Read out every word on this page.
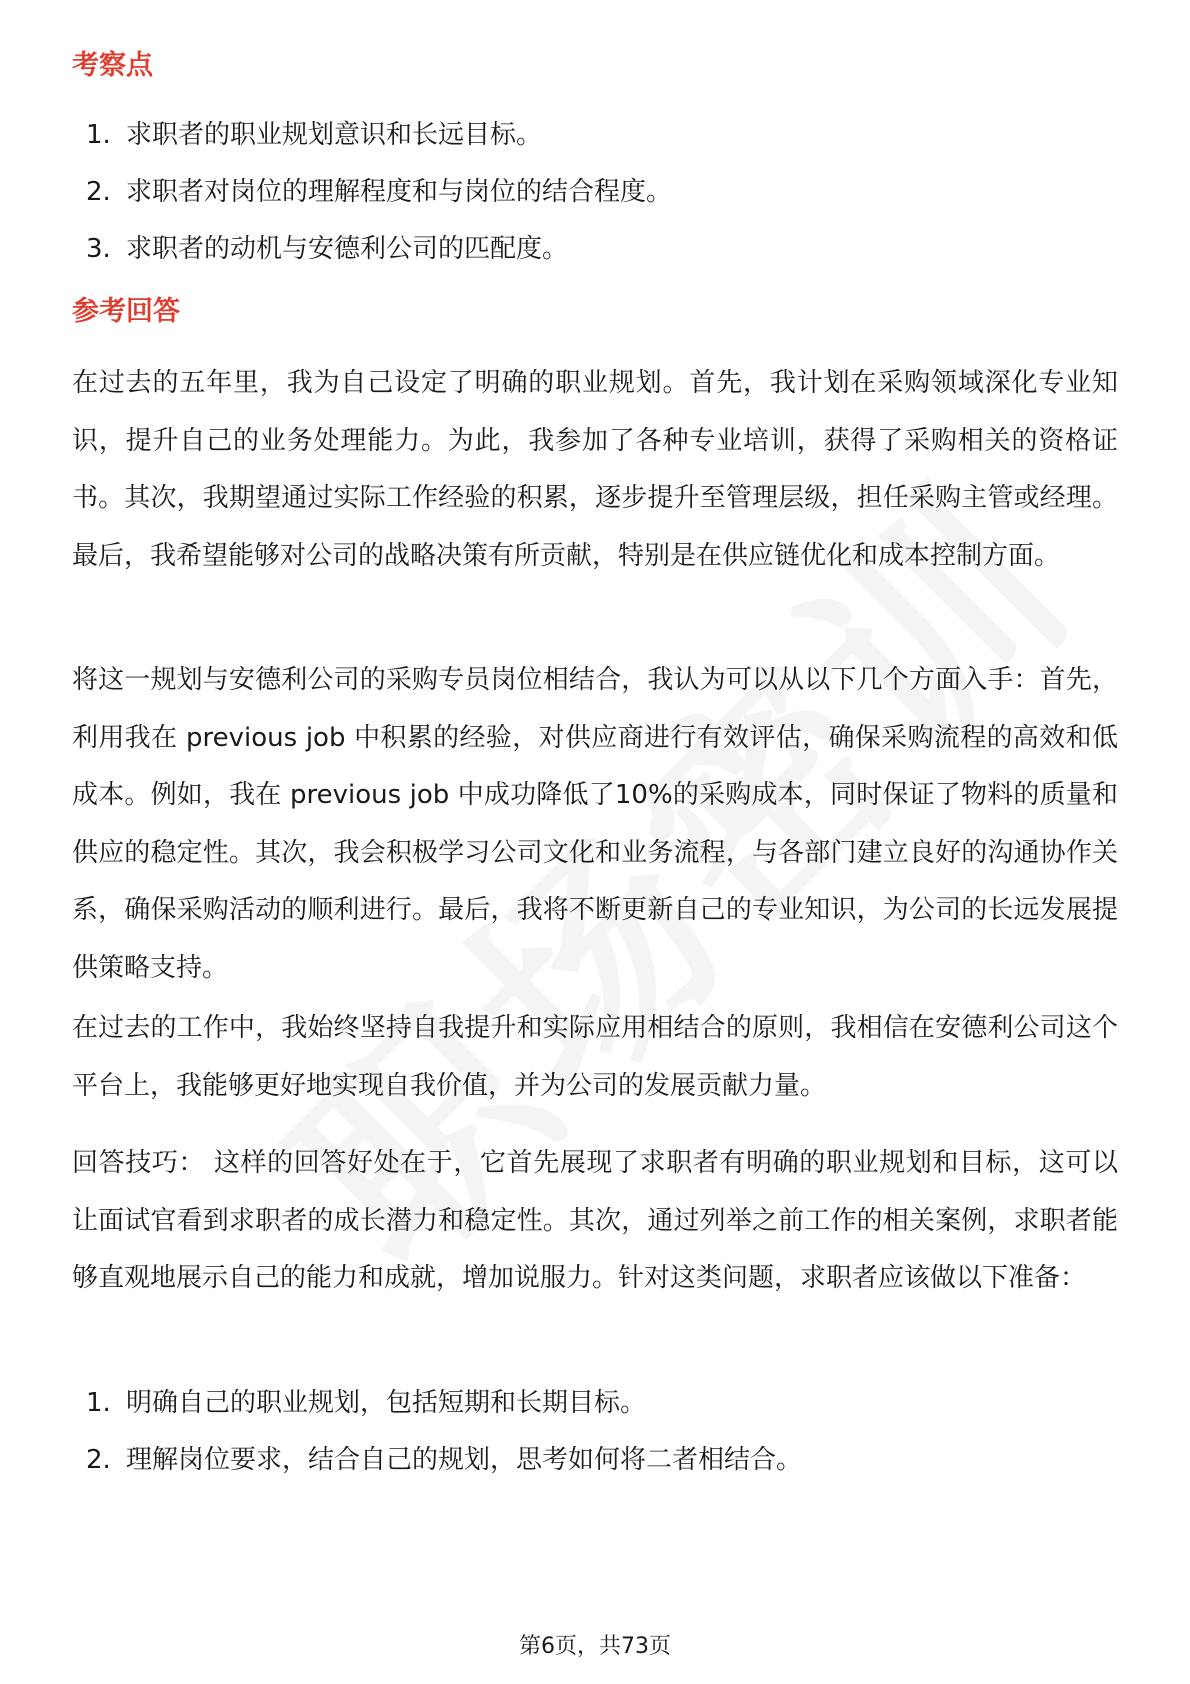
考察点
1. 求职者的职业规划意识和长远目标。
2. 求职者对岗位的理解程度和与岗位的结合程度。
3. 求职者的动机与安德利公司的匹配度。
参考回答

在过去的五年里，我为自己设定了明确的职业规划。首先，我计划在采购领域深化专业知识，提升自己的业务处理能力。为此，我参加了各种专业培训，获得了采购相关的资格证书。其次，我期望通过实际工作经验的积累，逐步提升至管理层级，担任采购主管或经理。最后，我希望能够对公司的战略决策有所贡献，特别是在供应链优化和成本控制方面。

将这一规划与安德利公司的采购专员岗位相结合，我认为可以从以下几个方面入手：首先，利用我在 previous job 中积累的经验，对供应商进行有效评估，确保采购流程的高效和低成本。例如，我在 previous job 中成功降低了10%的采购成本，同时保证了物料的质量和供应的稳定性。其次，我会积极学习公司文化和业务流程，与各部门建立良好的沟通协作关系，确保采购活动的顺利进行。最后，我将不断更新自己的专业知识，为公司的长远发展提供策略支持。

在过去的工作中，我始终坚持自我提升和实际应用相结合的原则，我相信在安德利公司这个平台上，我能够更好地实现自我价值，并为公司的发展贡献力量。

回答技巧： 这样的回答好处在于，它首先展现了求职者有明确的职业规划和目标，这可以让面试官看到求职者的成长潜力和稳定性。其次，通过列举之前工作的相关案例，求职者能够直观地展示自己的能力和成就，增加说服力。针对这类问题，求职者应该做以下准备：

1. 明确自己的职业规划，包括短期和长期目标。
2. 理解岗位要求，结合自己的规划，思考如何将二者相结合。
第6页，共73页
